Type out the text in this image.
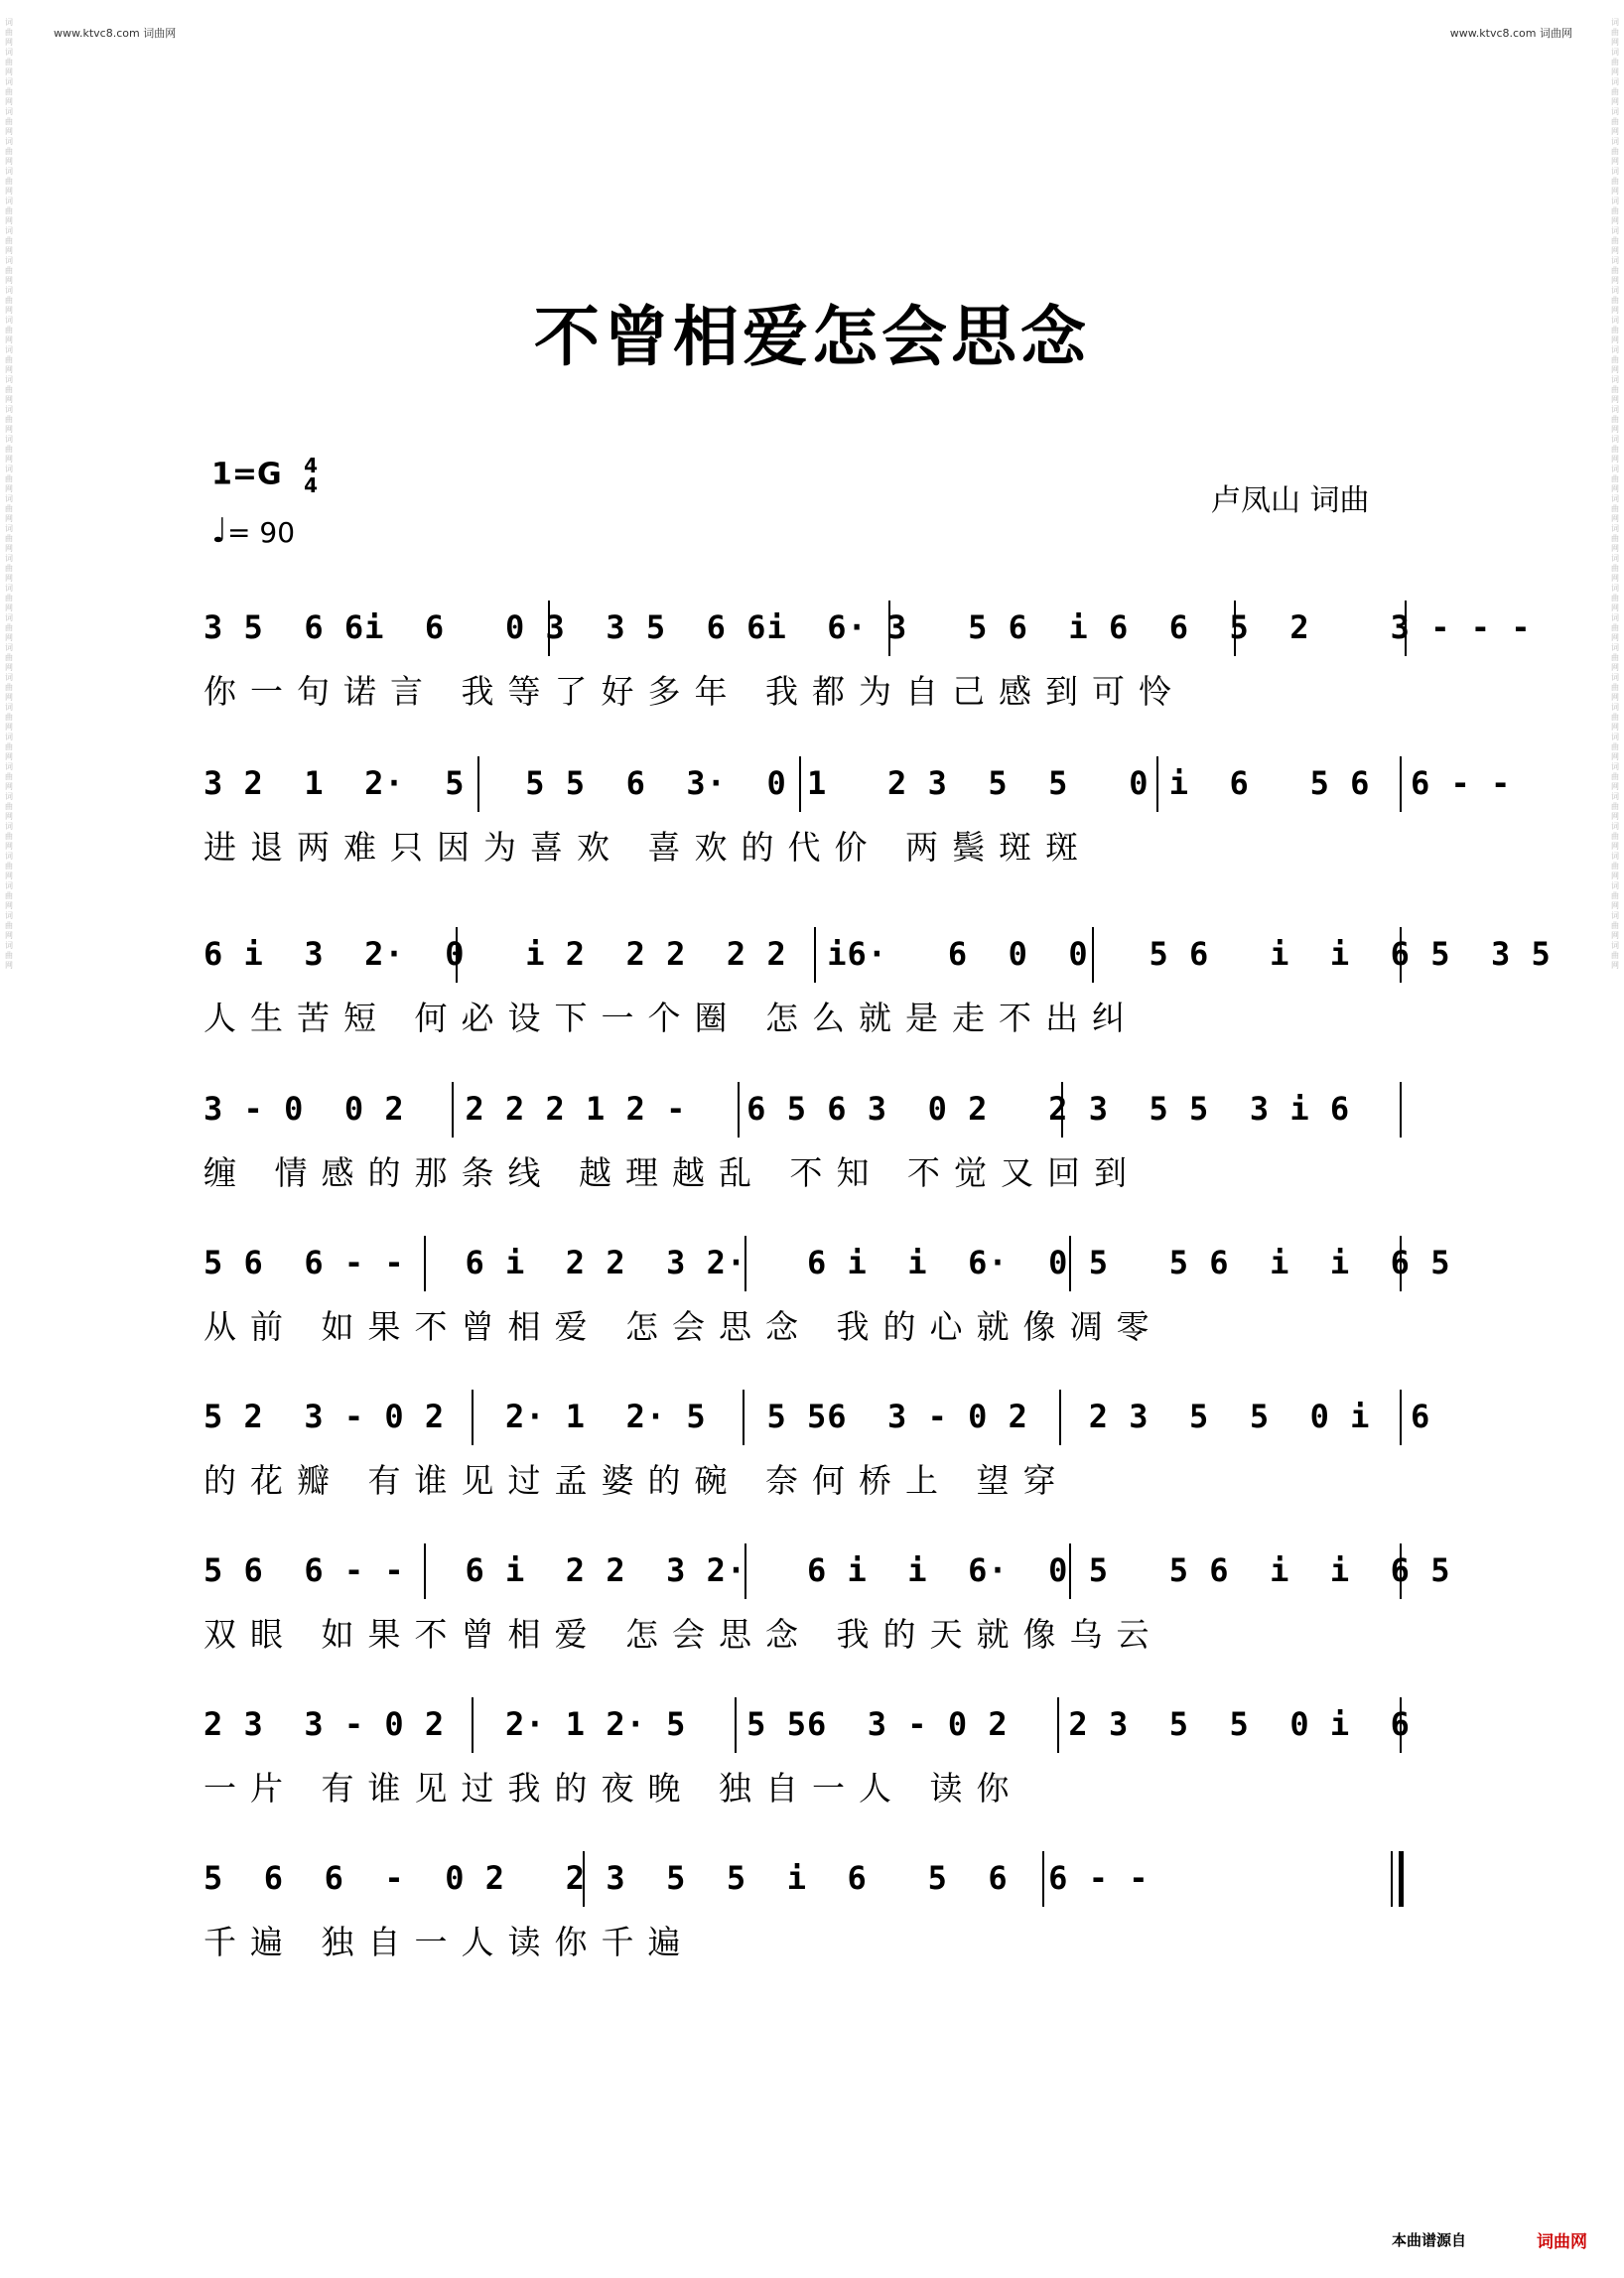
词曲网词曲网词曲网词曲网词曲网词曲网词曲网词曲网词曲网词曲网词曲网词曲网词曲网词曲网词曲网词曲网词曲网词曲网词曲网词曲网词曲网词曲网词曲网词曲网词曲网词曲网词曲网词曲网词曲网词曲网词曲网词曲网
词曲网词曲网词曲网词曲网词曲网词曲网词曲网词曲网词曲网词曲网词曲网词曲网词曲网词曲网词曲网词曲网词曲网词曲网词曲网词曲网词曲网词曲网词曲网词曲网词曲网词曲网词曲网词曲网词曲网词曲网词曲网词曲网
www.ktvc8.com 词曲网	www.ktvc8.com 词曲网
不曾相爱怎会思念
1=G 4
4
♩= 90
卢凤山 词曲
3 5  6 6i  6   0 3  3 5  6 6i  6· 3   5 6  i 6  6  5  2    3 - - -
你一句诺言 我等了好多年 我都为自己感到可怜
3 2  1  2·  5   5 5  6  3·  0 1   2 3  5  5   0 i  6   5 6  6 - -
进退两难只因为喜欢 喜欢的代价 两鬓斑斑
6 i  3  2·  0   i 2  2 2  2 2  i6·   6  0  0   5 6   i  i  6 5  3 5
人生苦短 何必设下一个圈 怎么就是走不出纠
3 - 0  0 2   2 2 2 1 2 -   6 5 6 3  0 2   2 3  5 5  3 i 6
缠 情感的那条线 越理越乱 不知 不觉又回到
5 6  6 - -   6 i  2 2  3 2·   6 i  i  6·  0 5   5 6  i  i  6 5
从前 如果不曾相爱 怎会思念 我的心就像凋零
5 2  3 - 0 2   2· 1  2· 5   5 56  3 - 0 2   2 3  5  5  0 i  6
的花瓣 有谁见过孟婆的碗 奈何桥上 望穿
5 6  6 - -   6 i  2 2  3 2·   6 i  i  6·  0 5   5 6  i  i  6 5
双眼 如果不曾相爱 怎会思念 我的天就像乌云
2 3  3 - 0 2   2· 1 2· 5   5 56  3 - 0 2   2 3  5  5  0 i  6
一片 有谁见过我的夜晚 独自一人 读你
5  6  6  -  0 2   2 3  5  5  i  6   5  6  6 - -
千遍 独自一人读你千遍
本曲谱源自	词曲网
